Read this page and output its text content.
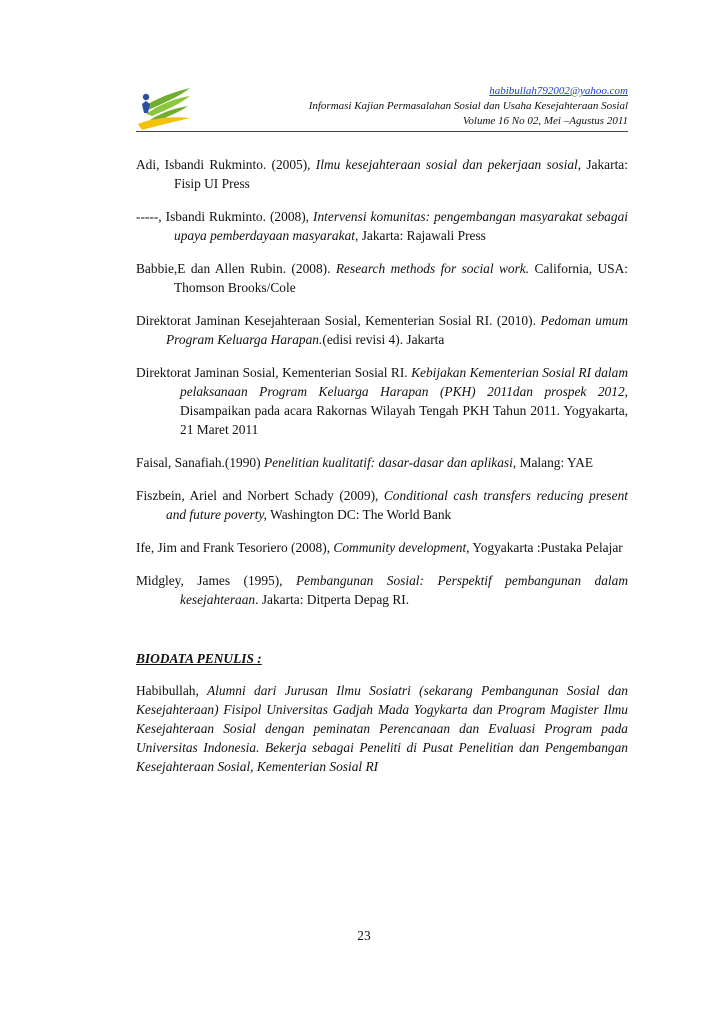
habibullah792002@yahoo.com
Informasi Kajian Permasalahan Sosial dan Usaha Kesejahteraan Sosial
Volume 16 No 02, Mei –Agustus 2011

Adi, Isbandi Rukminto. (2005), Ilmu kesejahteraan sosial dan pekerjaan sosial, Jakarta: Fisip UI Press

-----, Isbandi Rukminto. (2008), Intervensi komunitas: pengembangan masyarakat sebagai upaya pemberdayaan masyarakat, Jakarta: Rajawali Press

Babbie,E dan Allen Rubin. (2008). Research methods for social work. California, USA: Thomson Brooks/Cole

Direktorat Jaminan Kesejahteraan Sosial, Kementerian Sosial RI. (2010). Pedoman umum Program Keluarga Harapan.(edisi revisi 4). Jakarta

Direktorat Jaminan Sosial, Kementerian Sosial RI. Kebijakan Kementerian Sosial RI dalam pelaksanaan Program Keluarga Harapan (PKH) 2011dan prospek 2012, Disampaikan pada acara Rakornas Wilayah Tengah PKH Tahun 2011. Yogyakarta, 21 Maret 2011

Faisal, Sanafiah.(1990) Penelitian kualitatif: dasar-dasar dan aplikasi, Malang: YAE

Fiszbein, Ariel and Norbert Schady (2009), Conditional cash transfers reducing present and future poverty, Washington DC: The World Bank

Ife, Jim and Frank Tesoriero (2008), Community development, Yogyakarta :Pustaka Pelajar

Midgley, James (1995), Pembangunan Sosial: Perspektif pembangunan dalam kesejahteraan. Jakarta: Ditperta Depag RI.

BIODATA PENULIS :
Habibullah, Alumni dari Jurusan Ilmu Sosiatri (sekarang Pembangunan Sosial dan Kesejahteraan) Fisipol Universitas Gadjah Mada Yogykarta dan Program Magister Ilmu Kesejahteraan Sosial dengan peminatan Perencanaan dan Evaluasi Program pada Universitas Indonesia. Bekerja sebagai Peneliti di Pusat Penelitian dan Pengembangan Kesejahteraan Sosial, Kementerian Sosial RI
23
